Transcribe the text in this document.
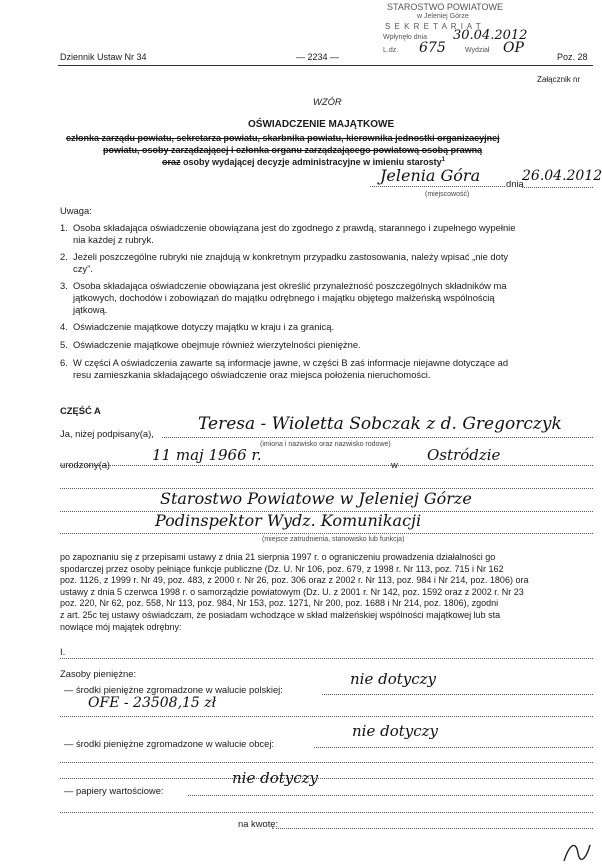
STAROSTWO POWIATOWE
w Jeleniej Górze
S E K R E T A R I A T
Wpłynęło dnia 30.04.2012
L.dz. 675	Wydział OP
Dziennik Ustaw Nr 34	— 2234 —	Poz. 28
Załącznik nr
WZÓR
OŚWIADCZENIE MAJĄTKOWE
członka zarządu powiatu, sekretarza powiatu, skarbnika powiatu, kierownika jednostki organizacyjnej
powiatu, osoby zarządzającej i członka organu zarządzającego powiatową osobą prawną
oraz osoby wydającej decyzje administracyjne w imieniu starosty$^1$
Jelenia Góra
(miejscowość)
dnia
26.04.2012
Uwaga:
1. Osoba składająca oświadczenie obowiązana jest do zgodnego z prawdą, starannego i zupełnego wypełnie
nia każdej z rubryk.
2. Jeżeli poszczególne rubryki nie znajdują w konkretnym przypadku zastosowania, należy wpisać „nie doty
czy”.
3. Osoba składająca oświadczenie obowiązana jest określić przynależność poszczególnych składników ma
jątkowych, dochodów i zobowiązań do majątku odrębnego i majątku objętego małżeńską wspólnością
jątkową.
4. Oświadczenie majątkowe dotyczy majątku w kraju i za granicą.
5. Oświadczenie majątkowe obejmuje również wierzytelności pieniężne.
6. W części A oświadczenia zawarte są informacje jawne, w części B zaś informacje niejawne dotyczące ad
resu zamieszkania składającego oświadczenie oraz miejsca położenia nieruchomości.
CZĘŚĆ A
Ja, niżej podpisany(a),	Teresa - Wioletta Sobczak z d. Gregorczyk
(imiona i nazwisko oraz nazwisko rodowe)
urodzony(a)
11 maj 1966 r.
w
Ostródzie
Starostwo Powiatowe w Jeleniej Górze
Podinspektor Wydz. Komunikacji
(miejsce zatrudnienia, stanowisko lub funkcja)
po zapoznaniu się z przepisami ustawy z dnia 21 sierpnia 1997 r. o ograniczeniu prowadzenia działalności go
spodarczej przez osoby pełniące funkcje publiczne (Dz. U. Nr 106, poz. 679, z 1998 r. Nr 113, poz. 715 i Nr 162
poz. 1126, z 1999 r. Nr 49, poz. 483, z 2000 r. Nr 26, poz. 306 oraz z 2002 r. Nr 113, poz. 984 i Nr 214, poz. 1806) ora
ustawy z dnia 5 czerwca 1998 r. o samorządzie powiatowym (Dz. U. z 2001 r. Nr 142, poz. 1592 oraz z 2002 r. Nr 23
poz. 220, Nr 62, poz. 558, Nr 113, poz. 984, Nr 153, poz. 1271, Nr 200, poz. 1688 i Nr 214, poz. 1806), zgodni
z art. 25c tej ustawy oświadczam, że posiadam wchodzące w skład małżeńskiej wspólności majątkowej lub sta
nowiące mój majątek odrębny:
I.
Zasoby pieniężne:
— środki pieniężne zgromadzone w walucie polskiej:
nie dotyczy
OFE - 23508,15 zł
— środki pieniężne zgromadzone w walucie obcej:
nie dotyczy
— papiery wartościowe:
nie dotyczy
na kwotę:
